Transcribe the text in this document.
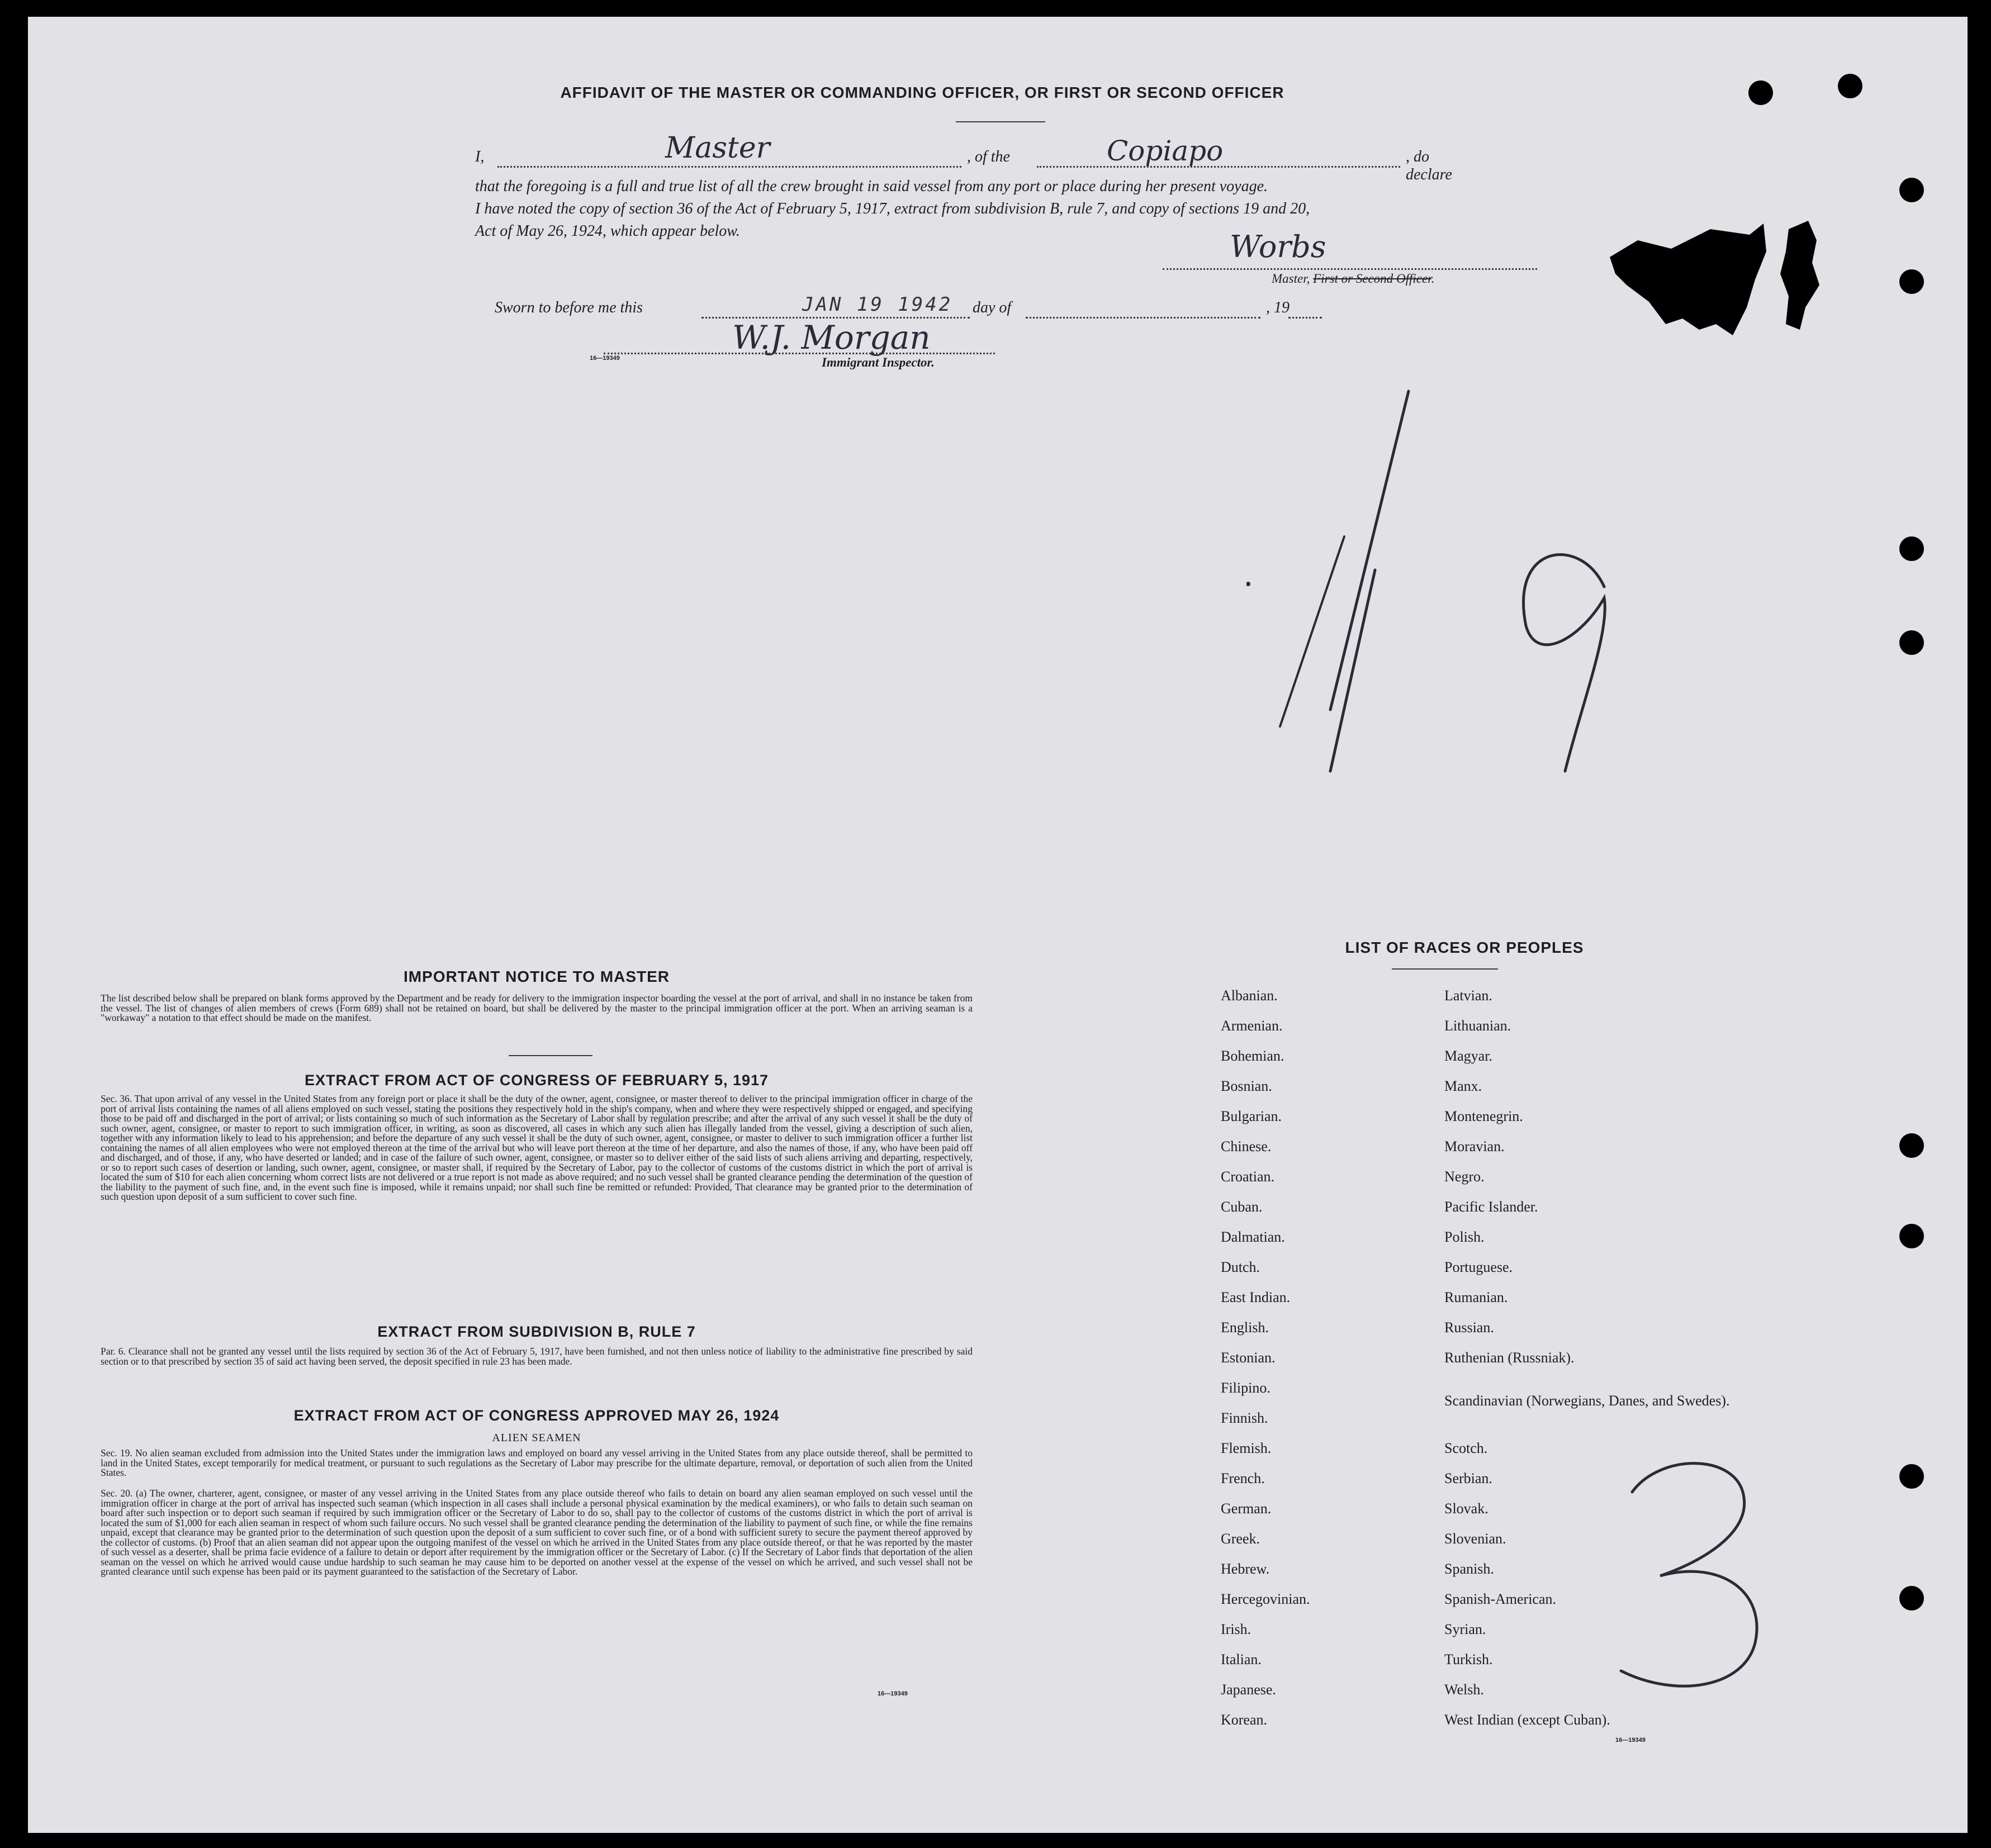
AFFIDAVIT OF THE MASTER OR COMMANDING OFFICER, OR FIRST OR SECOND OFFICER
I,	Master	, of the	Copiapo	, do declare
that the foregoing is a full and true list of all the crew brought in said vessel from any port or place during her present voyage.
I have noted the copy of section 36 of the Act of February 5, 1917, extract from subdivision B, rule 7, and copy of sections 19 and 20,
Act of May 26, 1924, which appear below.	Worbs
Master, First or Second Officer.
Sworn to before me this	JAN 19 1942 day of	, 19
16—19349
W.J. Morgan
Immigrant Inspector.
IMPORTANT NOTICE TO MASTER
The list described below shall be prepared on blank forms approved by the Department and be ready for delivery to the immigration inspector boarding the vessel at the port of arrival, and shall in no instance be taken from the vessel. The list of changes of alien members of crews (Form 689) shall not be retained on board, but shall be delivered by the master to the principal immigration officer at the port. When an arriving seaman is a "workaway" a notation to that effect should be made on the manifest.
EXTRACT FROM ACT OF CONGRESS OF FEBRUARY 5, 1917
Sec. 36. That upon arrival of any vessel in the United States from any foreign port or place it shall be the duty of the owner, agent, consignee, or master thereof to deliver to the principal immigration officer in charge of the port of arrival lists containing the names of all aliens employed on such vessel, stating the positions they respectively hold in the ship's company, when and where they were respectively shipped or engaged, and specifying those to be paid off and discharged in the port of arrival; or lists containing so much of such information as the Secretary of Labor shall by regulation prescribe; and after the arrival of any such vessel it shall be the duty of such owner, agent, consignee, or master to report to such immigration officer, in writing, as soon as discovered, all cases in which any such alien has illegally landed from the vessel, giving a description of such alien, together with any information likely to lead to his apprehension; and before the departure of any such vessel it shall be the duty of such owner, agent, consignee, or master to deliver to such immigration officer a further list containing the names of all alien employees who were not employed thereon at the time of the arrival but who will leave port thereon at the time of her departure, and also the names of those, if any, who have been paid off and discharged, and of those, if any, who have deserted or landed; and in case of the failure of such owner, agent, consignee, or master so to deliver either of the said lists of such aliens arriving and departing, respectively, or so to report such cases of desertion or landing, such owner, agent, consignee, or master shall, if required by the Secretary of Labor, pay to the collector of customs of the customs district in which the port of arrival is located the sum of $10 for each alien concerning whom correct lists are not delivered or a true report is not made as above required; and no such vessel shall be granted clearance pending the determination of the question of the liability to the payment of such fine, and, in the event such fine is imposed, while it remains unpaid; nor shall such fine be remitted or refunded: Provided, That clearance may be granted prior to the determination of such question upon deposit of a sum sufficient to cover such fine.
EXTRACT FROM SUBDIVISION B, RULE 7
Par. 6. Clearance shall not be granted any vessel until the lists required by section 36 of the Act of February 5, 1917, have been furnished, and not then unless notice of liability to the administrative fine prescribed by said section or to that prescribed by section 35 of said act having been served, the deposit specified in rule 23 has been made.
EXTRACT FROM ACT OF CONGRESS APPROVED MAY 26, 1924
ALIEN SEAMEN
Sec. 19. No alien seaman excluded from admission into the United States under the immigration laws and employed on board any vessel arriving in the United States from any place outside thereof, shall be permitted to land in the United States, except temporarily for medical treatment, or pursuant to such regulations as the Secretary of Labor may prescribe for the ultimate departure, removal, or deportation of such alien from the United States.
Sec. 20. (a) The owner, charterer, agent, consignee, or master of any vessel arriving in the United States from any place outside thereof who fails to detain on board any alien seaman employed on such vessel until the immigration officer in charge at the port of arrival has inspected such seaman (which inspection in all cases shall include a personal physical examination by the medical examiners), or who fails to detain such seaman on board after such inspection or to deport such seaman if required by such immigration officer or the Secretary of Labor to do so, shall pay to the collector of customs of the customs district in which the port of arrival is located the sum of $1,000 for each alien seaman in respect of whom such failure occurs. No such vessel shall be granted clearance pending the determination of the liability to payment of such fine, or while the fine remains unpaid, except that clearance may be granted prior to the determination of such question upon the deposit of a sum sufficient to cover such fine, or of a bond with sufficient surety to secure the payment thereof approved by the collector of customs. (b) Proof that an alien seaman did not appear upon the outgoing manifest of the vessel on which he arrived in the United States from any place outside thereof, or that he was reported by the master of such vessel as a deserter, shall be prima facie evidence of a failure to detain or deport after requirement by the immigration officer or the Secretary of Labor. (c) If the Secretary of Labor finds that deportation of the alien seaman on the vessel on which he arrived would cause undue hardship to such seaman he may cause him to be deported on another vessel at the expense of the vessel on which he arrived, and such vessel shall not be granted clearance until such expense has been paid or its payment guaranteed to the satisfaction of the Secretary of Labor.
16—19349
LIST OF RACES OR PEOPLES
Albanian.
Armenian.
Bohemian.
Bosnian.
Bulgarian.
Chinese.
Croatian.
Cuban.
Dalmatian.
Dutch.
East Indian.
English.
Estonian.
Filipino.
Finnish.
Flemish.
French.
German.
Greek.
Hebrew.
Hercegovinian.
Irish.
Italian.
Japanese.
Korean.
Latvian.
Lithuanian.
Magyar.
Manx.
Montenegrin.
Moravian.
Negro.
Pacific Islander.
Polish.
Portuguese.
Rumanian.
Russian.
Ruthenian (Russniak).
Scandinavian (Norwegians, Danes, and Swedes).
Scotch.
Serbian.
Slovak.
Slovenian.
Spanish.
Spanish-American.
Syrian.
Turkish.
Welsh.
West Indian (except Cuban).
16—19349
